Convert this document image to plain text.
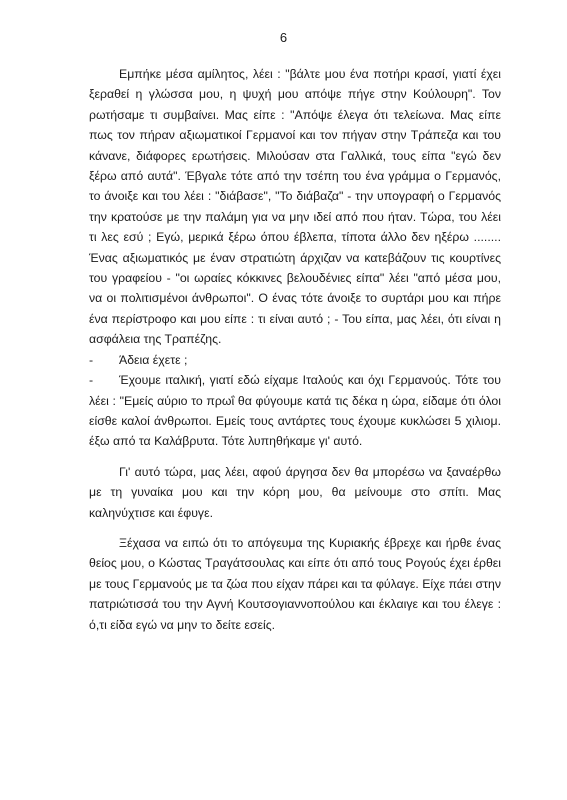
6

Εμπήκε μέσα αμίλητος, λέει : "βάλτε μου ένα ποτήρι κρασί, γιατί έχει ξεραθεί η γλώσσα μου, η ψυχή μου απόψε πήγε στην Κούλουρη". Τον ρωτήσαμε τι συμβαίνει. Μας είπε : "Απόψε έλεγα ότι τελείωνα. Μας είπε πως τον πήραν αξιωματικοί Γερμανοί και τον πήγαν στην Τράπεζα και του κάνανε, διάφορες ερωτήσεις. Μιλούσαν στα Γαλλικά, τους είπα "εγώ δεν ξέρω από αυτά". Έβγαλε τότε από την τσέπη του ένα γράμμα ο Γερμανός, το άνοιξε και του λέει : "διάβασε", "Το διάβαζα" - την υπογραφή ο Γερμανός την κρατούσε με την παλάμη για να μην ιδεί από που ήταν. Τώρα, του λέει τι λες εσύ ; Εγώ, μερικά ξέρω όπου έβλεπα, τίποτα άλλο δεν ηξέρω ........ Ένας αξιωματικός με έναν στρατιώτη άρχιζαν να κατεβάζουν τις κουρτίνες του γραφείου - "οι ωραίες κόκκινες βελουδένιες είπα" λέει "από μέσα μου, να οι πολιτισμένοι άνθρωποι". Ο ένας τότε άνοιξε το συρτάρι μου και πήρε ένα περίστροφο και μου είπε : τι είναι αυτό ; - Του είπα, μας λέει, ότι είναι η ασφάλεια της Τραπέζης.

- Άδεια έχετε ;

- Έχουμε ιταλική, γιατί εδώ είχαμε Ιταλούς και όχι Γερμανούς. Τότε του λέει : "Εμείς αύριο το πρωΐ θα φύγουμε κατά τις δέκα η ώρα, είδαμε ότι όλοι είσθε καλοί άνθρωποι. Εμείς τους αντάρτες τους έχουμε κυκλώσει 5 χιλιομ. έξω από τα Καλάβρυτα. Τότε λυπηθήκαμε γι' αυτό.

Γι' αυτό τώρα, μας λέει, αφού άργησα δεν θα μπορέσω να ξαναέρθω με τη γυναίκα μου και την κόρη μου, θα μείνουμε στο σπίτι. Μας καληνύχτισε και έφυγε.

Ξέχασα να ειπώ ότι το απόγευμα της Κυριακής έβρεχε και ήρθε ένας θείος μου, ο Κώστας Τραγάτσουλας και είπε ότι από τους Ρογούς έχει έρθει με τους Γερμανούς με τα ζώα που είχαν πάρει και τα φύλαγε. Είχε πάει στην πατριώτισσά του την Αγνή Κουτσογιαννοπούλου και έκλαιγε και του έλεγε : ό,τι είδα εγώ να μην το δείτε εσείς.
